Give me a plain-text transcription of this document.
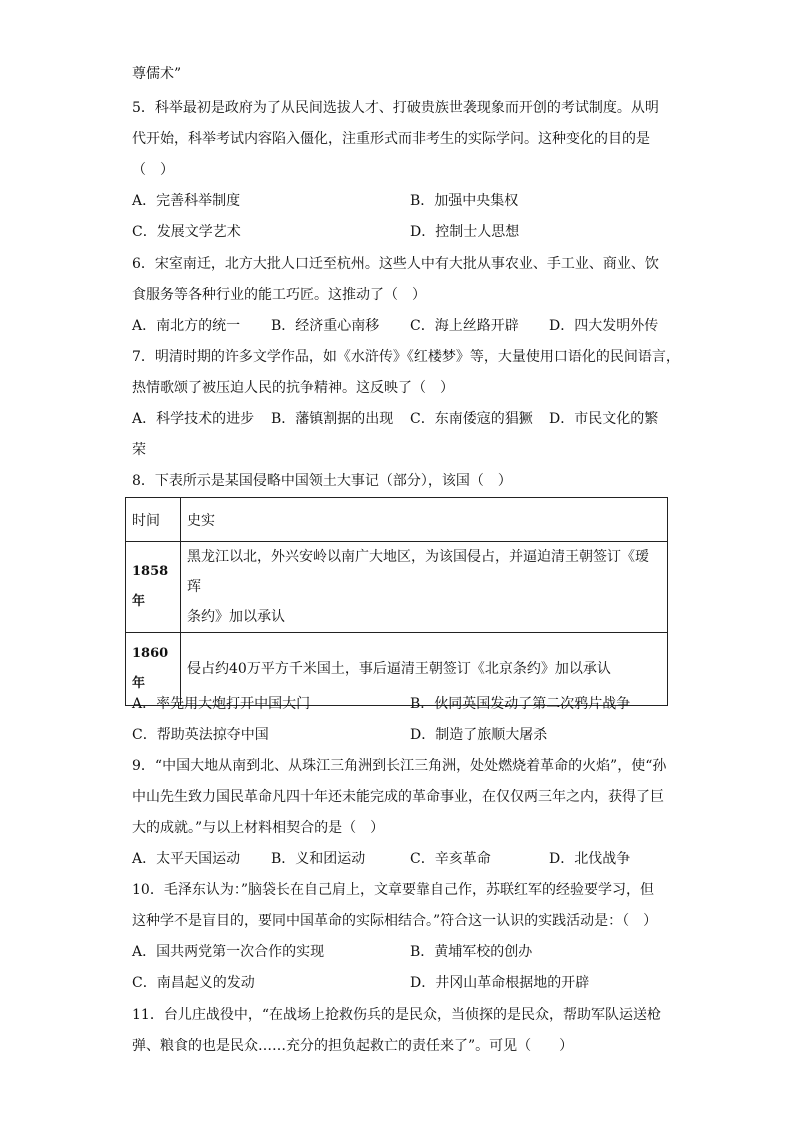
尊儒术”
5．科举最初是政府为了从民间选拔人才、打破贵族世袭现象而开创的考试制度。从明
代开始，科举考试内容陷入僵化，注重形式而非考生的实际学问。这种变化的目的是
（　）
A．完善科举制度	B．加强中央集权
C．发展文学艺术	D．控制士人思想
6．宋室南迁，北方大批人口迁至杭州。这些人中有大批从事农业、手工业、商业、饮
食服务等各种行业的能工巧匠。这推动了（　）
A．南北方的统一 B．经济重心南移 C．海上丝路开辟 D．四大发明外传
7．明清时期的许多文学作品，如《水浒传》《红楼梦》等，大量使用口语化的民间语言，
热情歌颂了被压迫人民的抗争精神。这反映了（　）
A．科学技术的进步 B．藩镇割据的出现 C．东南倭寇的猖獗 D．市民文化的繁
荣
8．下表所示是某国侵略中国领土大事记（部分），该国（　）
时间	史实
1858
年	黑龙江以北，外兴安岭以南广大地区，为该国侵占，并逼迫清王朝签订《瑷珲
条约》加以承认
1860
年	侵占约40万平方千米国土，事后逼清王朝签订《北京条约》加以承认
A．率先用大炮打开中国大门	B．伙同英国发动了第二次鸦片战争
C．帮助英法掠夺中国	D．制造了旅顺大屠杀
9．“中国大地从南到北、从珠江三角洲到长江三角洲，处处燃烧着革命的火焰”，使“孙
中山先生致力国民革命凡四十年还未能完成的革命事业，在仅仅两三年之内，获得了巨
大的成就。”与以上材料相契合的是（　）
A．太平天国运动 B．义和团运动	C．辛亥革命	D．北伐战争
10．毛泽东认为：”脑袋长在自己肩上，文章要靠自己作，苏联红军的经验要学习，但
这种学不是盲目的，要同中国革命的实际相结合。”符合这一认识的实践活动是：（　）
A．国共两党第一次合作的实现	B．黄埔军校的创办
C．南昌起义的发动	D．井冈山革命根据地的开辟
11．台儿庄战役中，“在战场上抢救伤兵的是民众，当侦探的是民众，帮助军队运送枪
弹、粮食的也是民众……充分的担负起救亡的责任来了”。可见（　　）
